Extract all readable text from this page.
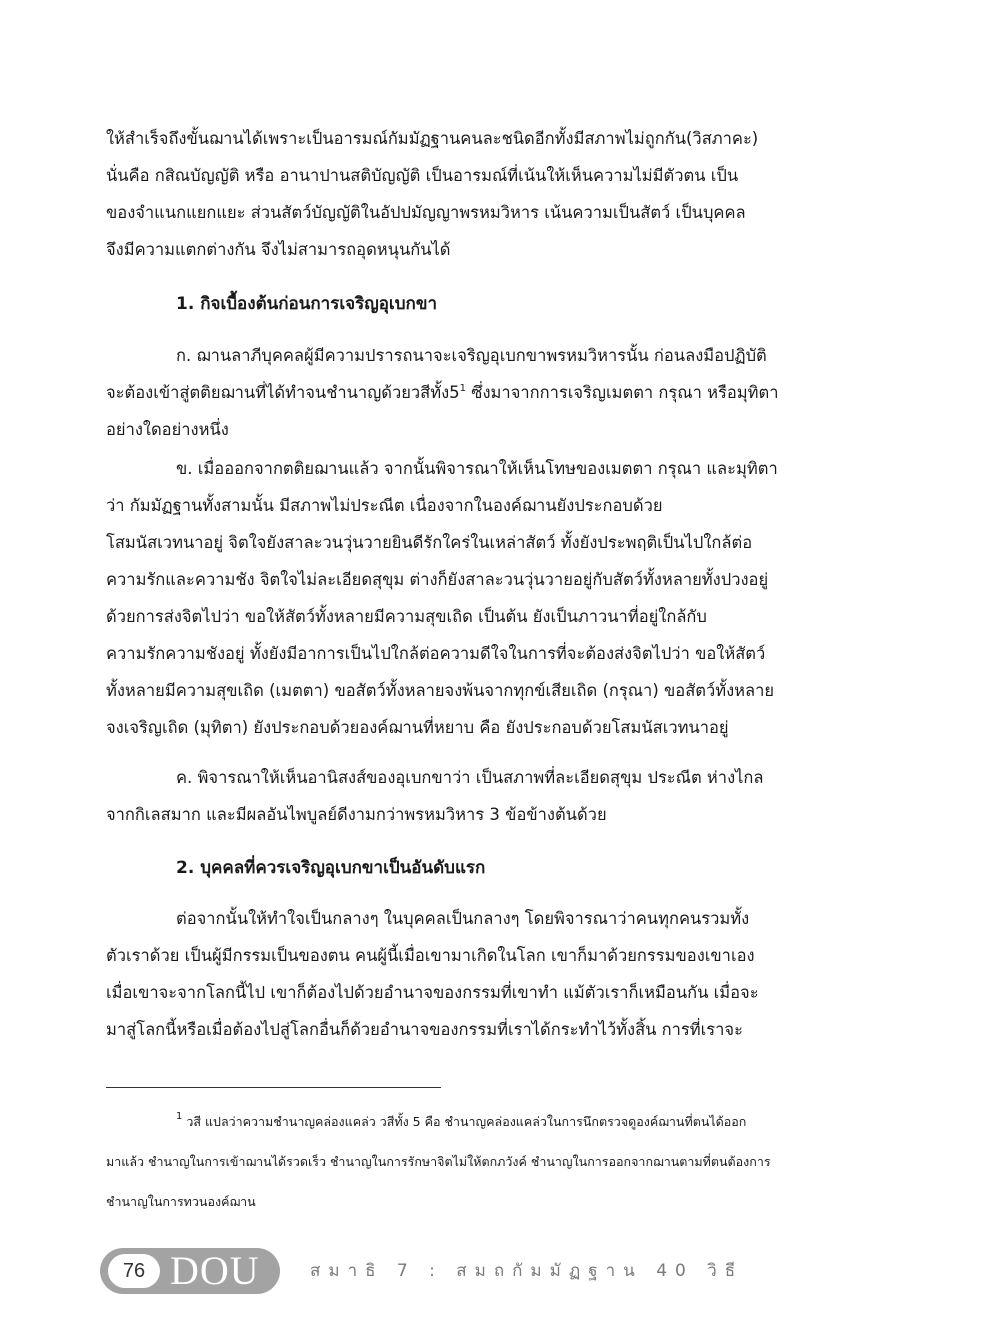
ให้สำเร็จถึงขั้นฌานได้เพราะเป็นอารมณ์กัมมัฏฐานคนละชนิดอีกทั้งมีสภาพไม่ถูกกัน(วิสภาคะ)
นั่นคือ กสิณบัญญัติ หรือ อานาปานสติบัญญัติ เป็นอารมณ์ที่เน้นให้เห็นความไม่มีตัวตน เป็น
ของจำแนกแยกแยะ ส่วนสัตว์บัญญัติในอัปปมัญญาพรหมวิหาร เน้นความเป็นสัตว์ เป็นบุคคล
จึงมีความแตกต่างกัน จึงไม่สามารถอุดหนุนกันได้
1. กิจเบื้องต้นก่อนการเจริญอุเบกขา
ก. ฌานลาภีบุคคลผู้มีความปรารถนาจะเจริญอุเบกขาพรหมวิหารนั้น ก่อนลงมือปฏิบัติ
จะต้องเข้าสู่ตติยฌานที่ได้ทำจนชำนาญด้วยวสีทั้ง$5^1$ ซึ่งมาจากการเจริญเมตตา กรุณา หรือมุทิตา
อย่างใดอย่างหนึ่ง
ข. เมื่อออกจากตติยฌานแล้ว จากนั้นพิจารณาให้เห็นโทษของเมตตา กรุณา และมุทิตา
ว่า กัมมัฏฐานทั้งสามนั้น มีสภาพไม่ประณีต เนื่องจากในองค์ฌานยังประกอบด้วย
โสมนัสเวทนาอยู่ จิตใจยังสาละวนวุ่นวายยินดีรักใคร่ในเหล่าสัตว์ ทั้งยังประพฤติเป็นไปใกล้ต่อ
ความรักและความชัง จิตใจไม่ละเอียดสุขุม ต่างก็ยังสาละวนวุ่นวายอยู่กับสัตว์ทั้งหลายทั้งปวงอยู่
ด้วยการส่งจิตไปว่า ขอให้สัตว์ทั้งหลายมีความสุขเถิด เป็นต้น ยังเป็นภาวนาที่อยู่ใกล้กับ
ความรักความชังอยู่ ทั้งยังมีอาการเป็นไปใกล้ต่อความดีใจในการที่จะต้องส่งจิตไปว่า ขอให้สัตว์
ทั้งหลายมีความสุขเถิด (เมตตา) ขอสัตว์ทั้งหลายจงพ้นจากทุกข์เสียเถิด (กรุณา) ขอสัตว์ทั้งหลาย
จงเจริญเถิด (มุทิตา) ยังประกอบด้วยองค์ฌานที่หยาบ คือ ยังประกอบด้วยโสมนัสเวทนาอยู่
ค. พิจารณาให้เห็นอานิสงส์ของอุเบกขาว่า เป็นสภาพที่ละเอียดสุขุม ประณีต ห่างไกล
จากกิเลสมาก และมีผลอันไพบูลย์ดีงามกว่าพรหมวิหาร 3 ข้อข้างต้นด้วย
2. บุคคลที่ควรเจริญอุเบกขาเป็นอันดับแรก
ต่อจากนั้นให้ทำใจเป็นกลางๆ ในบุคคลเป็นกลางๆ โดยพิจารณาว่าคนทุกคนรวมทั้ง
ตัวเราด้วย เป็นผู้มีกรรมเป็นของตน คนผู้นี้เมื่อเขามาเกิดในโลก เขาก็มาด้วยกรรมของเขาเอง
เมื่อเขาจะจากโลกนี้ไป เขาก็ต้องไปด้วยอำนาจของกรรมที่เขาทำ แม้ตัวเราก็เหมือนกัน เมื่อจะ
มาสู่โลกนี้หรือเมื่อต้องไปสู่โลกอื่นก็ด้วยอำนาจของกรรมที่เราได้กระทำไว้ทั้งสิ้น การที่เราจะ
$^1$ วสี แปลว่าความชำนาญคล่องแคล่ว วสีทั้ง 5 คือ ชำนาญคล่องแคล่วในการนึกตรวจดูองค์ฌานที่ตนได้ออก
มาแล้ว ชำนาญในการเข้าฌานได้รวดเร็ว ชำนาญในการรักษาจิตไม่ให้ตกภวังค์ ชำนาญในการออกจากฌานตามที่ตนต้องการ
ชำนาญในการทวนองค์ฌาน
76 DOU	สมาธิ 7 : สมถกัมมัฏฐาน 40 วิธี
